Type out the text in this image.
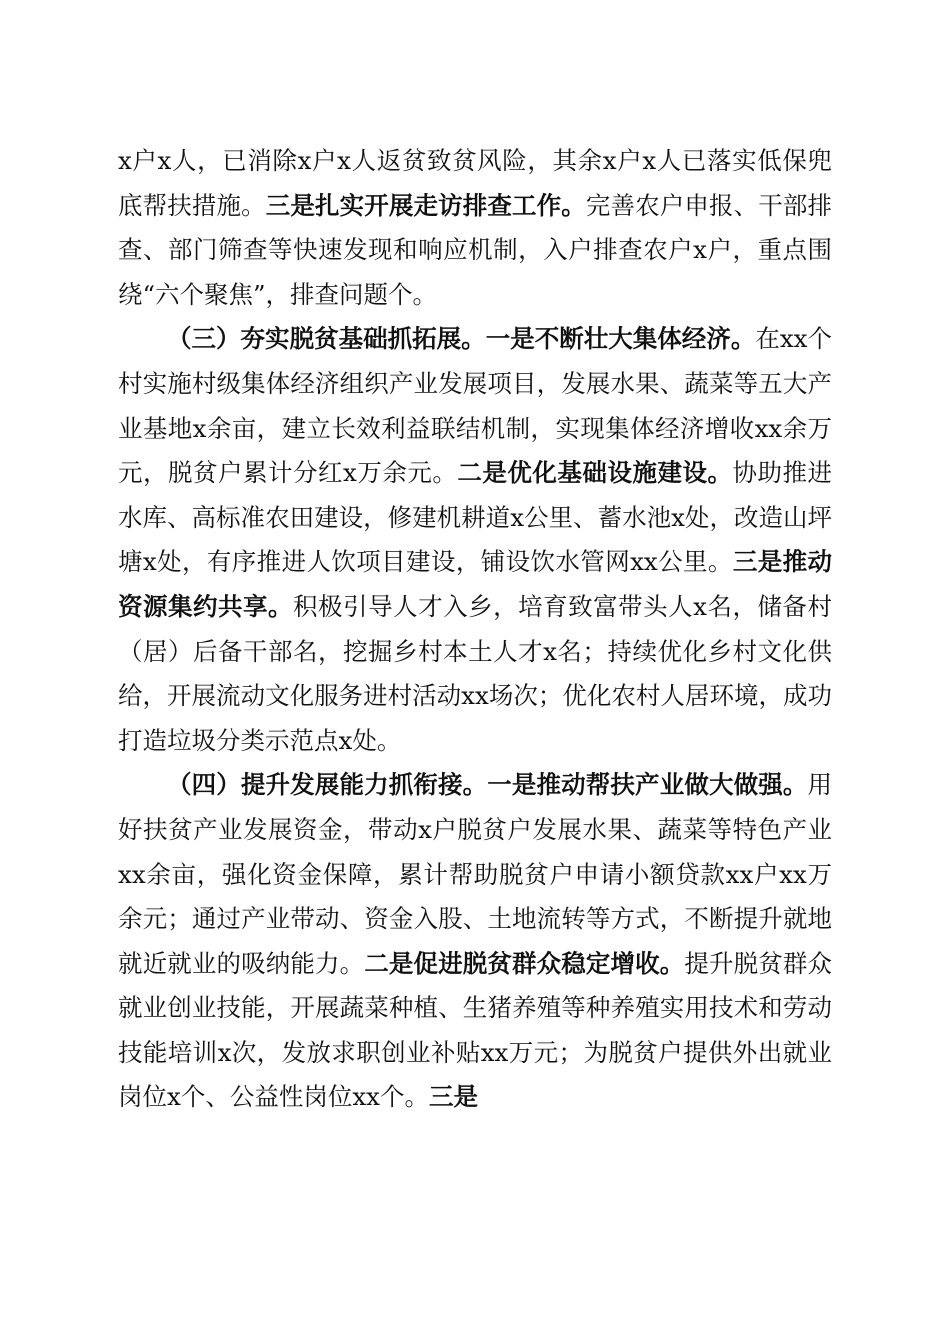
x户x人，已消除x户x人返贫致贫风险，其余x户x人已落实低保兜底帮扶措施。三是扎实开展走访排查工作。完善农户申报、干部排查、部门筛查等快速发现和响应机制，入户排查农户x户，重点围绕“六个聚焦”，排查问题个。

（三）夯实脱贫基础抓拓展。一是不断壮大集体经济。在xx个村实施村级集体经济组织产业发展项目，发展水果、蔬菜等五大产业基地x余亩，建立长效利益联结机制，实现集体经济增收xx余万元，脱贫户累计分红x万余元。二是优化基础设施建设。协助推进水库、高标准农田建设，修建机耕道x公里、蓄水池x处，改造山坪塘x处，有序推进人饮项目建设，铺设饮水管网xx公里。三是推动资源集约共享。积极引导人才入乡，培育致富带头人x名，储备村（居）后备干部名，挖掘乡村本土人才x名；持续优化乡村文化供给，开展流动文化服务进村活动xx场次；优化农村人居环境，成功打造垃圾分类示范点x处。

（四）提升发展能力抓衔接。一是推动帮扶产业做大做强。用好扶贫产业发展资金，带动x户脱贫户发展水果、蔬菜等特色产业xx余亩，强化资金保障，累计帮助脱贫户申请小额贷款xx户xx万余元；通过产业带动、资金入股、土地流转等方式，不断提升就地就近就业的吸纳能力。二是促进脱贫群众稳定增收。提升脱贫群众就业创业技能，开展蔬菜种植、生猪养殖等种养殖实用技术和劳动技能培训x次，发放求职创业补贴xx万元；为脱贫户提供外出就业岗位x个、公益性岗位xx个。三是
